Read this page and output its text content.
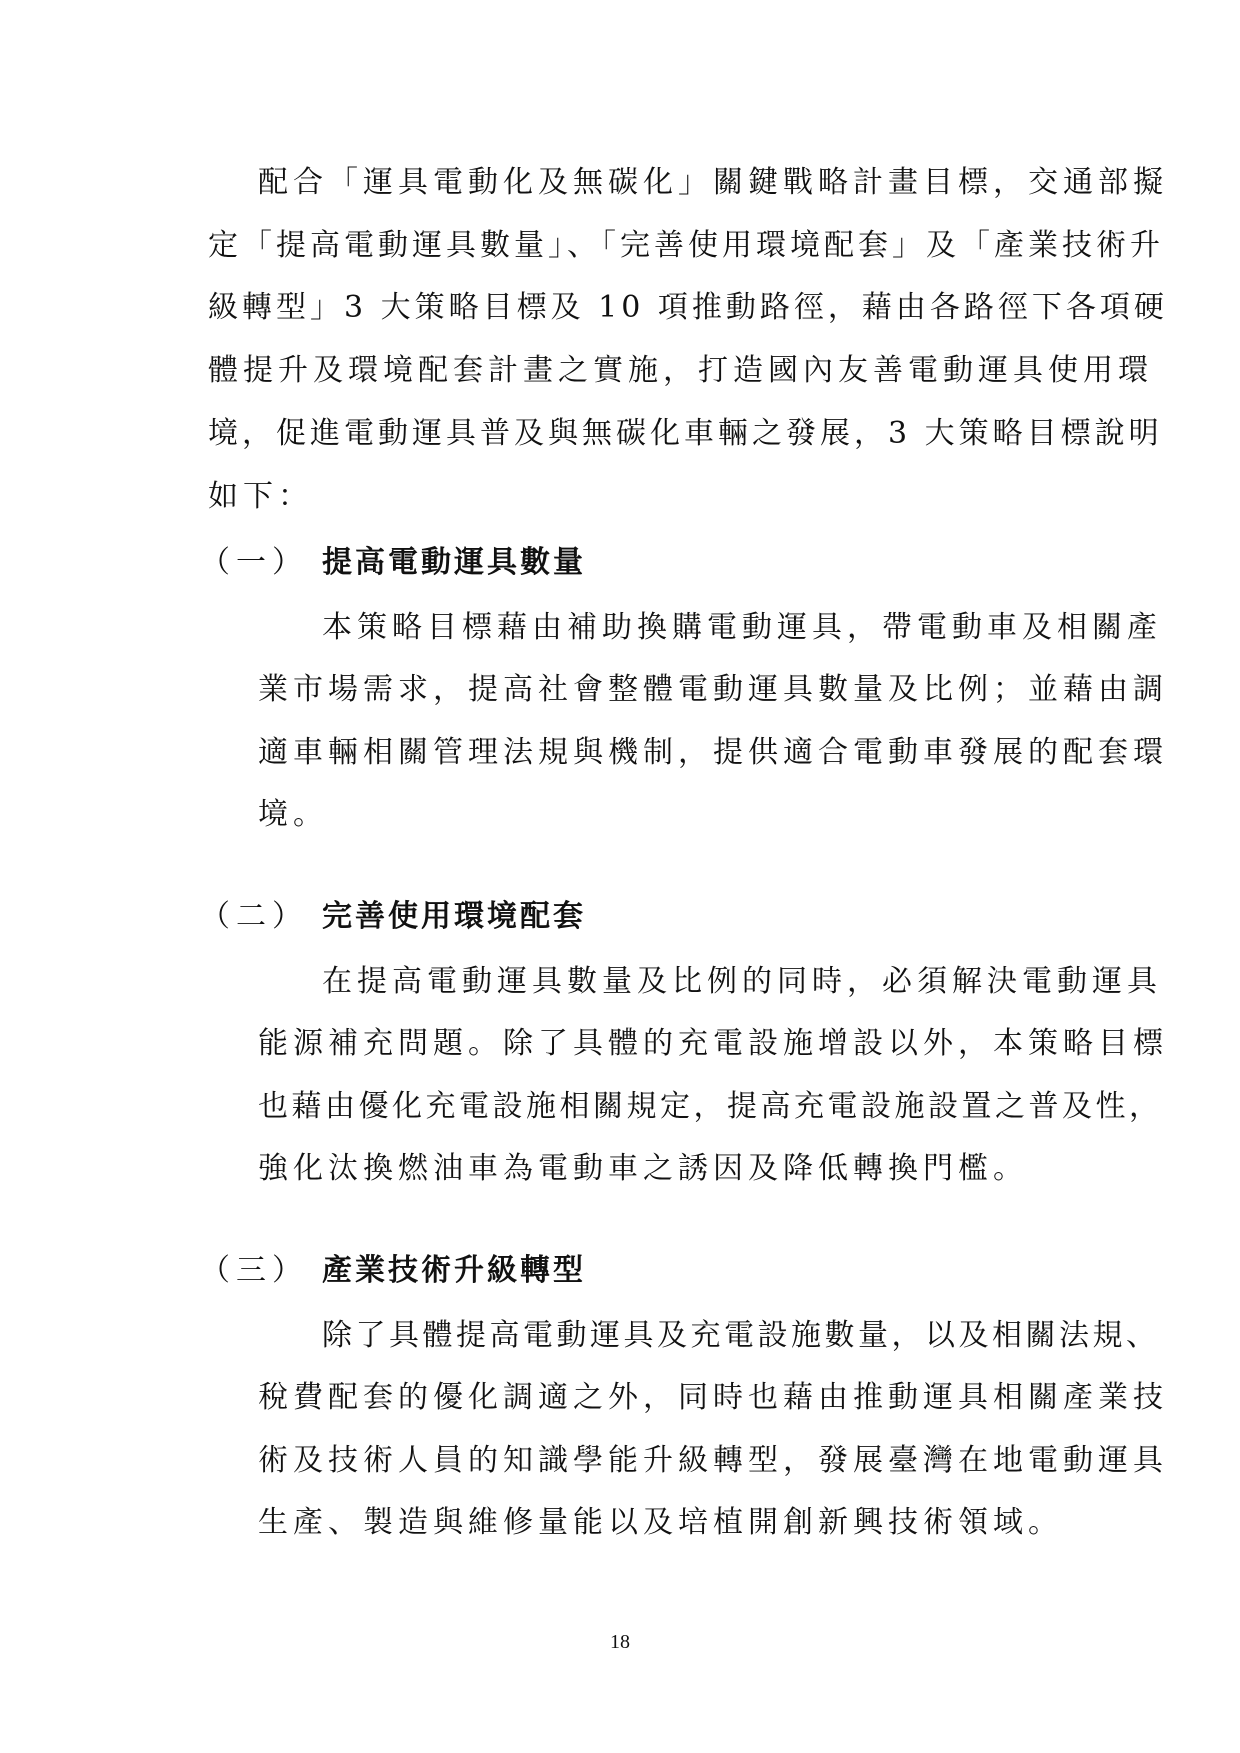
配合「運具電動化及無碳化」關鍵戰略計畫目標，交通部擬
定「提高電動運具數量」、「完善使用環境配套」及「產業技術升
級轉型」3 大策略目標及 10 項推動路徑，藉由各路徑下各項硬
體提升及環境配套計畫之實施，打造國內友善電動運具使用環
境，促進電動運具普及與無碳化車輛之發展，3 大策略目標說明
如下：
（一） 提高電動運具數量
本策略目標藉由補助換購電動運具，帶電動車及相關產
業市場需求，提高社會整體電動運具數量及比例；並藉由調
適車輛相關管理法規與機制，提供適合電動車發展的配套環
境。
（二） 完善使用環境配套
在提高電動運具數量及比例的同時，必須解決電動運具
能源補充問題。除了具體的充電設施增設以外，本策略目標
也藉由優化充電設施相關規定，提高充電設施設置之普及性，
強化汰換燃油車為電動車之誘因及降低轉換門檻。
（三） 產業技術升級轉型
除了具體提高電動運具及充電設施數量，以及相關法規、
稅費配套的優化調適之外，同時也藉由推動運具相關產業技
術及技術人員的知識學能升級轉型，發展臺灣在地電動運具
生產、製造與維修量能以及培植開創新興技術領域。
18
